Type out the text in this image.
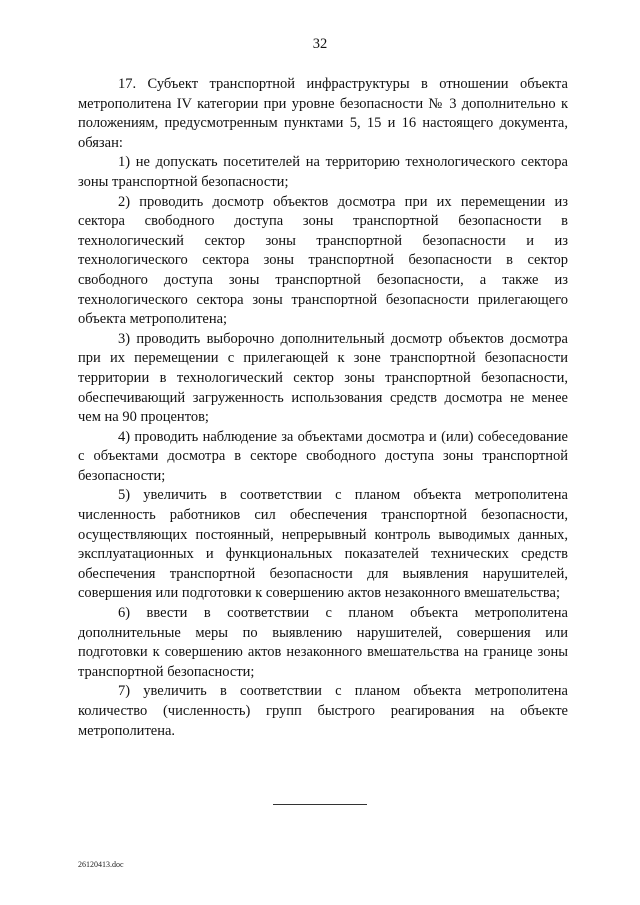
32

17. Субъект транспортной инфраструктуры в отношении объекта метрополитена IV категории при уровне безопасности № 3 дополнительно к положениям, предусмотренным пунктами 5, 15 и 16 настоящего документа, обязан:

1) не допускать посетителей на территорию технологического сектора зоны транспортной безопасности;

2) проводить досмотр объектов досмотра при их перемещении из сектора свободного доступа зоны транспортной безопасности в технологический сектор зоны транспортной безопасности и из технологического сектора зоны транспортной безопасности в сектор свободного доступа зоны транспортной безопасности, а также из технологического сектора зоны транспортной безопасности прилегающего объекта метрополитена;

3) проводить выборочно дополнительный досмотр объектов досмотра при их перемещении с прилегающей к зоне транспортной безопасности территории в технологический сектор зоны транспортной безопасности, обеспечивающий загруженность использования средств досмотра не менее чем на 90 процентов;

4) проводить наблюдение за объектами досмотра и (или) собеседование с объектами досмотра в секторе свободного доступа зоны транспортной безопасности;

5) увеличить в соответствии с планом объекта метрополитена численность работников сил обеспечения транспортной безопасности, осуществляющих постоянный, непрерывный контроль выводимых данных, эксплуатационных и функциональных показателей технических средств обеспечения транспортной безопасности для выявления нарушителей, совершения или подготовки к совершению актов незаконного вмешательства;

6) ввести в соответствии с планом объекта метрополитена дополнительные меры по выявлению нарушителей, совершения или подготовки к совершению актов незаконного вмешательства на границе зоны транспортной безопасности;

7) увеличить в соответствии с планом объекта метрополитена количество (численность) групп быстрого реагирования на объекте метрополитена.

26120413.doc
